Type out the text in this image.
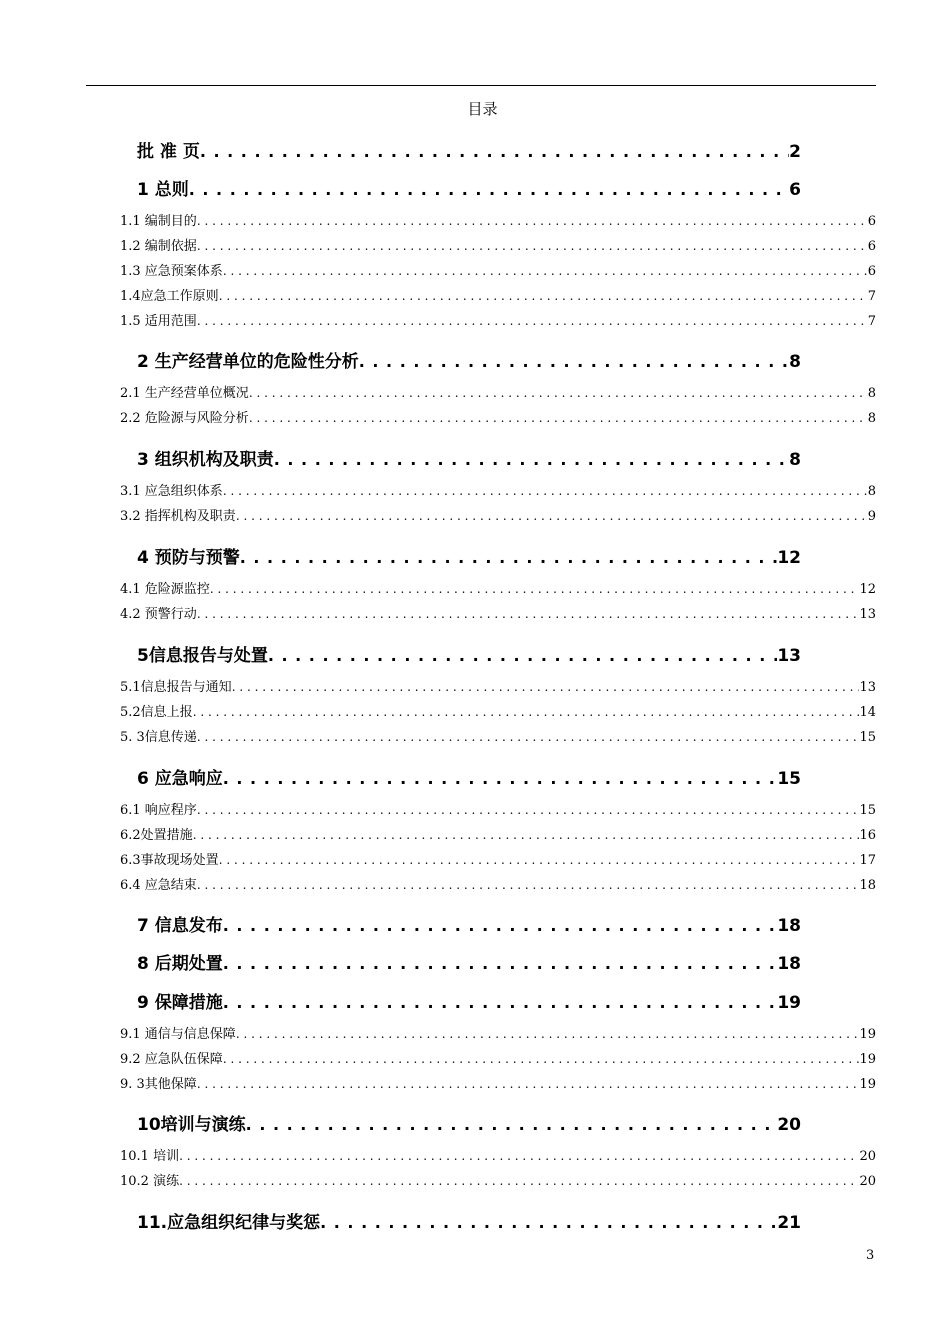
目录
批 准 页 . . .	2
1 总则 . . .	6
1.1 编制目的 . . .	6
1.2 编制依据 . . .	6
1.3 应急预案体系 . . .	6
1.4应急工作原则 . . .	7
1.5 适用范围 . . .	7
2 生产经营单位的危险性分析 . . .	8
2.1 生产经营单位概况 . . .	8
2.2 危险源与风险分析 . . .	8
3 组织机构及职责 . . .	8
3.1 应急组织体系 . . .	8
3.2 指挥机构及职责 . . .	9
4 预防与预警 . . .	12
4.1 危险源监控 . . .	12
4.2 预警行动 . . .	13
5信息报告与处置 . . .	13
5.1信息报告与通知 . . .	13
5.2信息上报 . . .	14
5. 3信息传递 . . .	15
6 应急响应 . . .	15
6.1 响应程序 . . .	15
6.2处置措施 . . .	16
6.3事故现场处置 . . .	17
6.4 应急结束 . . .	18
7 信息发布 . . .	18
8 后期处置 . . .	18
9 保障措施 . . .	19
9.1 通信与信息保障 . . .	19
9.2 应急队伍保障 . . .	19
9. 3其他保障 . . .	19
10培训与演练 . . .	20
10.1 培训 . . .	20
10.2 演练 . . .	20
11.应急组织纪律与奖惩 . . .	21
3
